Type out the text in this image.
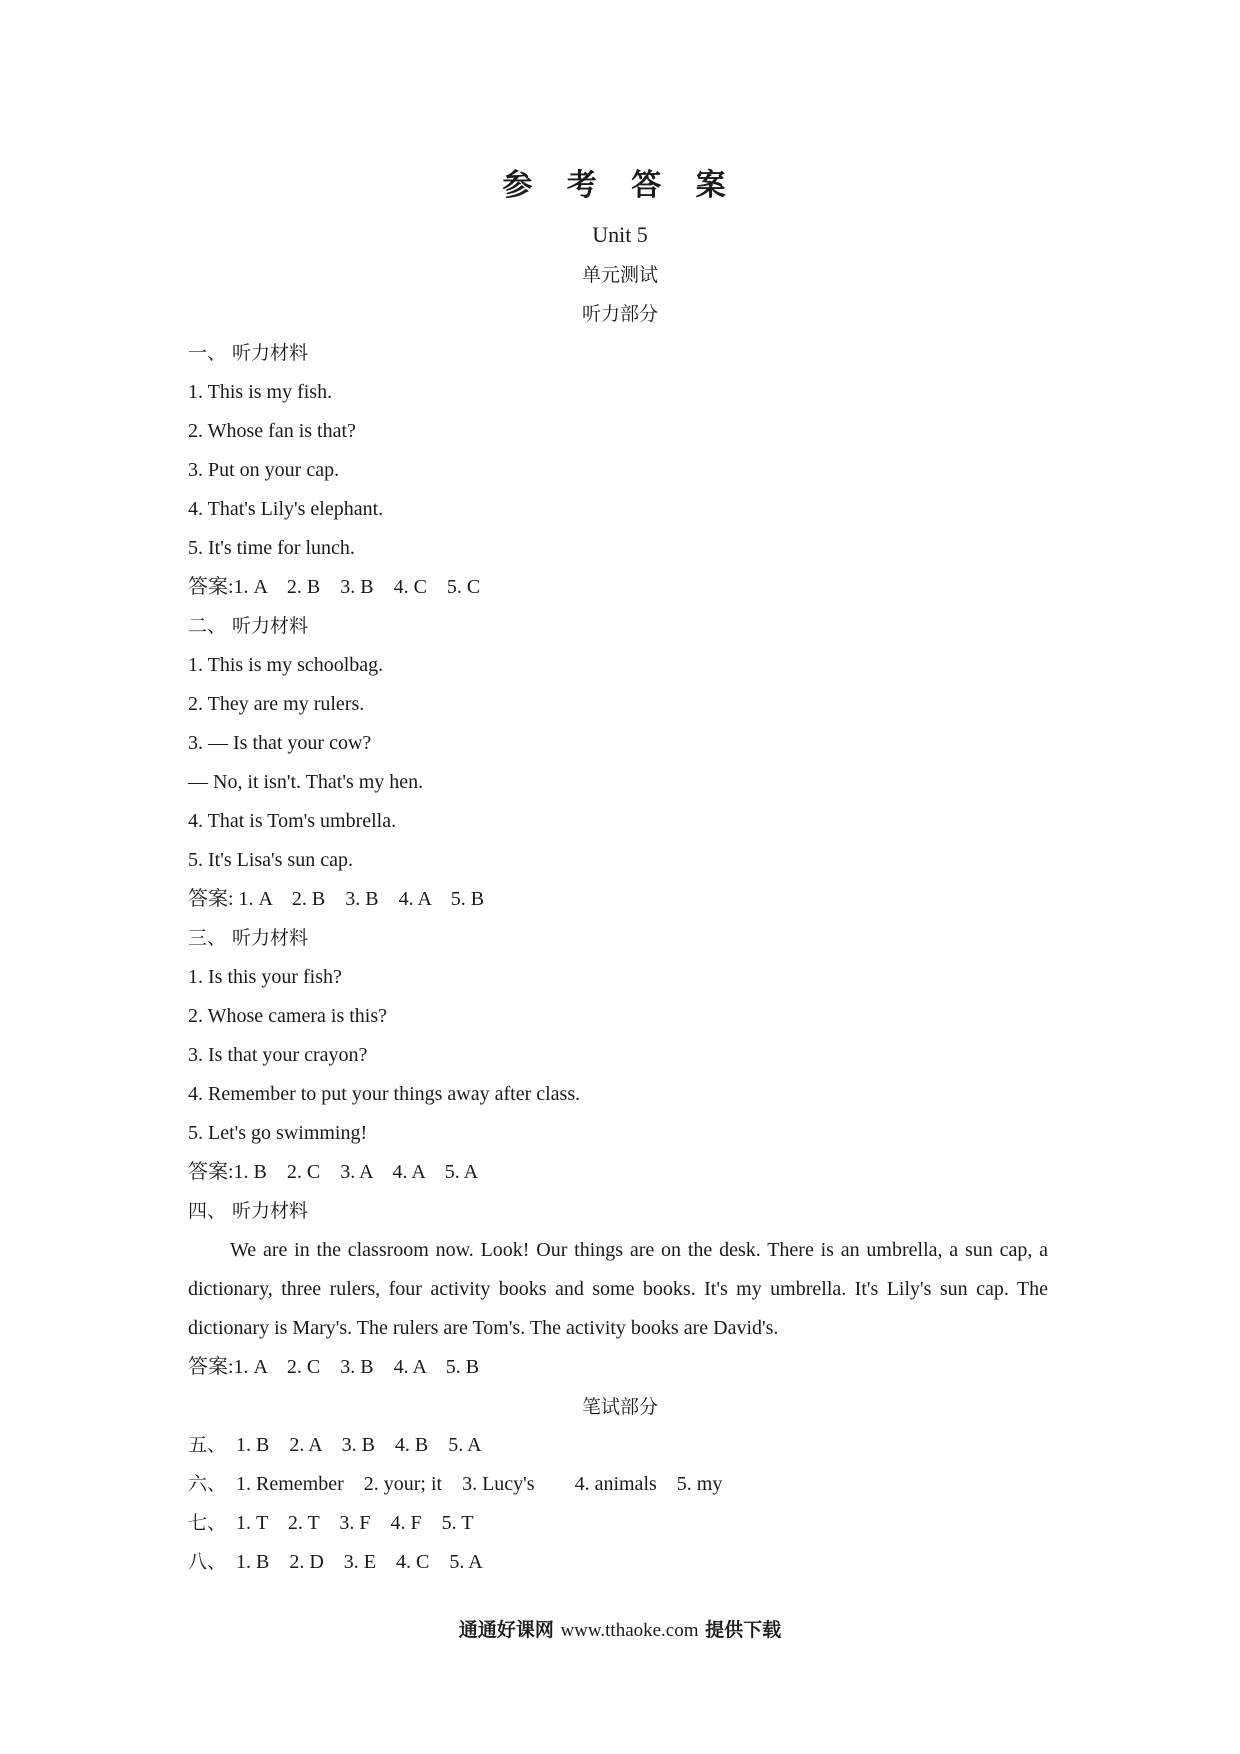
参 考 答 案
Unit 5
单元测试
听力部分
一、 听力材料
1. This is my fish.
2. Whose fan is that?
3. Put on your cap.
4. That's Lily's elephant.
5. It's time for lunch.
答案:1. A    2. B    3. B    4. C    5. C
二、 听力材料
1. This is my schoolbag.
2. They are my rulers.
3. — Is that your cow?
— No, it isn't. That's my hen.
4. That is Tom's umbrella.
5. It's Lisa's sun cap.
答案: 1. A    2. B    3. B    4. A    5. B
三、 听力材料
1. Is this your fish?
2. Whose camera is this?
3. Is that your crayon?
4. Remember to put your things away after class.
5. Let's go swimming!
答案:1. B    2. C    3. A    4. A    5. A
四、 听力材料
We are in the classroom now. Look! Our things are on the desk. There is an umbrella, a sun cap, a dictionary, three rulers, four activity books and some books. It's my umbrella. It's Lily's sun cap. The dictionary is Mary's. The rulers are Tom's. The activity books are David's.
答案:1. A    2. C    3. B    4. A    5. B
笔试部分
五、 1. B    2. A    3. B    4. B    5. A
六、 1. Remember    2. your; it    3. Lucy's        4. animals    5. my
七、 1. T    2. T    3. F    4. F    5. T
八、 1. B    2. D    3. E    4. C    5. A
通通好课网 www.tthaoke.com 提供下载
